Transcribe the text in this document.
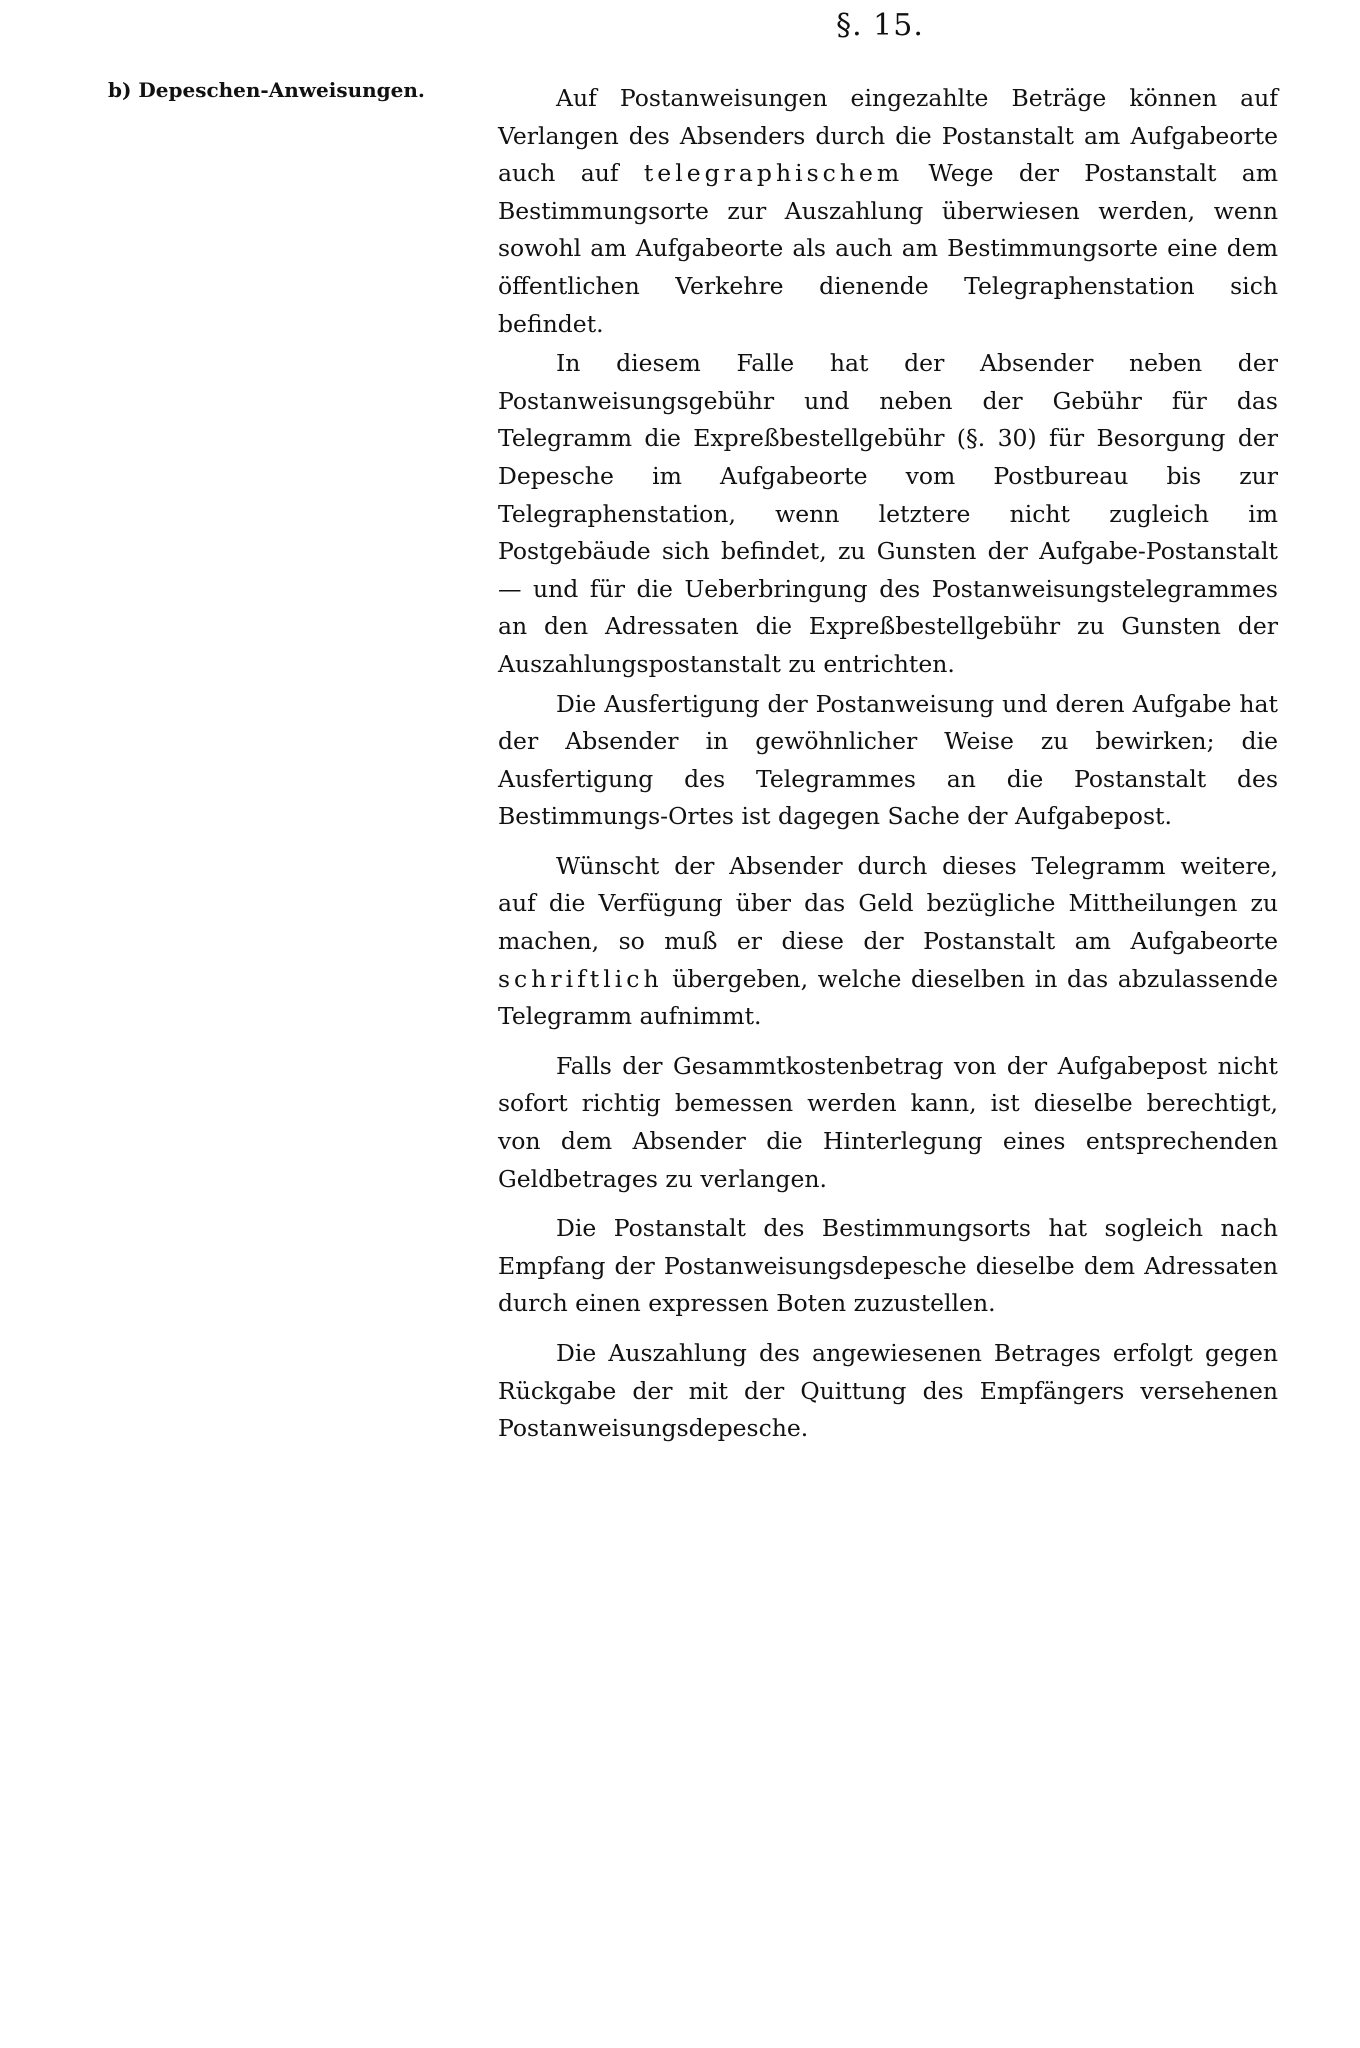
§. 15.
b) Depeschen-Anweisungen.	Auf Postanweisungen eingezahlte Beträge können auf Verlangen des Absenders durch die Postanstalt am Aufgabeorte auch auf telegraphischem Wege der Postanstalt am Bestimmungsorte zur Auszahlung überwiesen werden, wenn sowohl am Aufgabeorte als auch am Bestimmungsorte eine dem öffentlichen Verkehre dienende Telegraphenstation sich befindet.

In diesem Falle hat der Absender neben der Postanweisungsgebühr und neben der Gebühr für das Telegramm die Expreßbestellgebühr (§. 30) für Besorgung der Depesche im Aufgabeorte vom Postbureau bis zur Telegraphenstation, wenn letztere nicht zugleich im Postgebäude sich befindet, zu Gunsten der Aufgabe-Postanstalt — und für die Ueberbringung des Postanweisungstelegrammes an den Adressaten die Expreßbestellgebühr zu Gunsten der Auszahlungspostanstalt zu entrichten.

Die Ausfertigung der Postanweisung und deren Aufgabe hat der Absender in gewöhnlicher Weise zu bewirken; die Ausfertigung des Telegrammes an die Postanstalt des Bestimmungs-Ortes ist dagegen Sache der Aufgabepost.

Wünscht der Absender durch dieses Telegramm weitere, auf die Verfügung über das Geld bezügliche Mittheilungen zu machen, so muß er diese der Postanstalt am Aufgabeorte schriftlich übergeben, welche dieselben in das abzulassende Telegramm aufnimmt.

Falls der Gesammtkostenbetrag von der Aufgabepost nicht sofort richtig bemessen werden kann, ist dieselbe berechtigt, von dem Absender die Hinterlegung eines entsprechenden Geldbetrages zu verlangen.

Die Postanstalt des Bestimmungsorts hat sogleich nach Empfang der Postanweisungsdepesche dieselbe dem Adressaten durch einen expressen Boten zuzustellen.

Die Auszahlung des angewiesenen Betrages erfolgt gegen Rückgabe der mit der Quittung des Empfängers versehenen Postanweisungsdepesche.
